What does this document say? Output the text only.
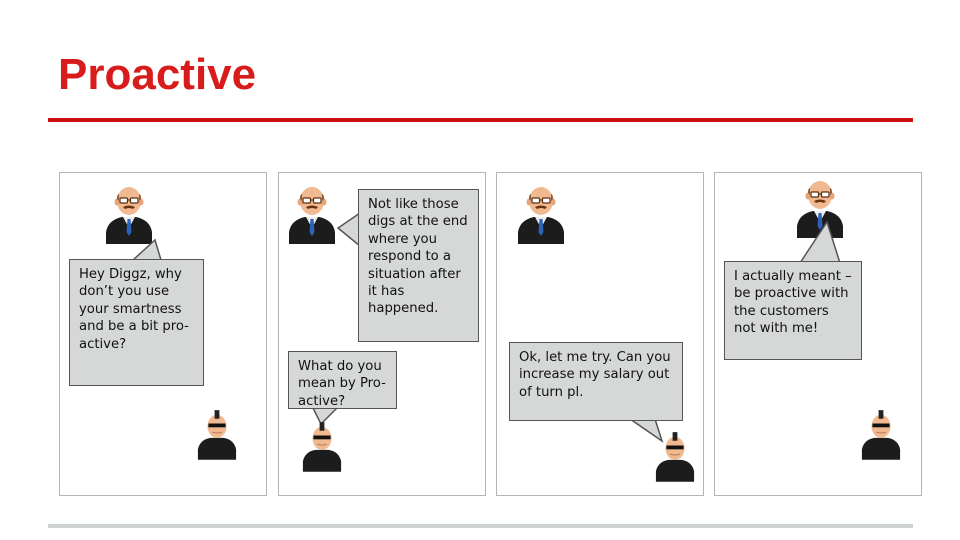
Proactive
Hey Diggz, why don’t you use your smartness and be a bit pro-active?
Not like those digs at the end where you respond to a situation after it has happened.
What do you mean by Pro-active?
Ok, let me try. Can you increase my salary out of turn pl.
I actually meant – be proactive with the customers not with me!
